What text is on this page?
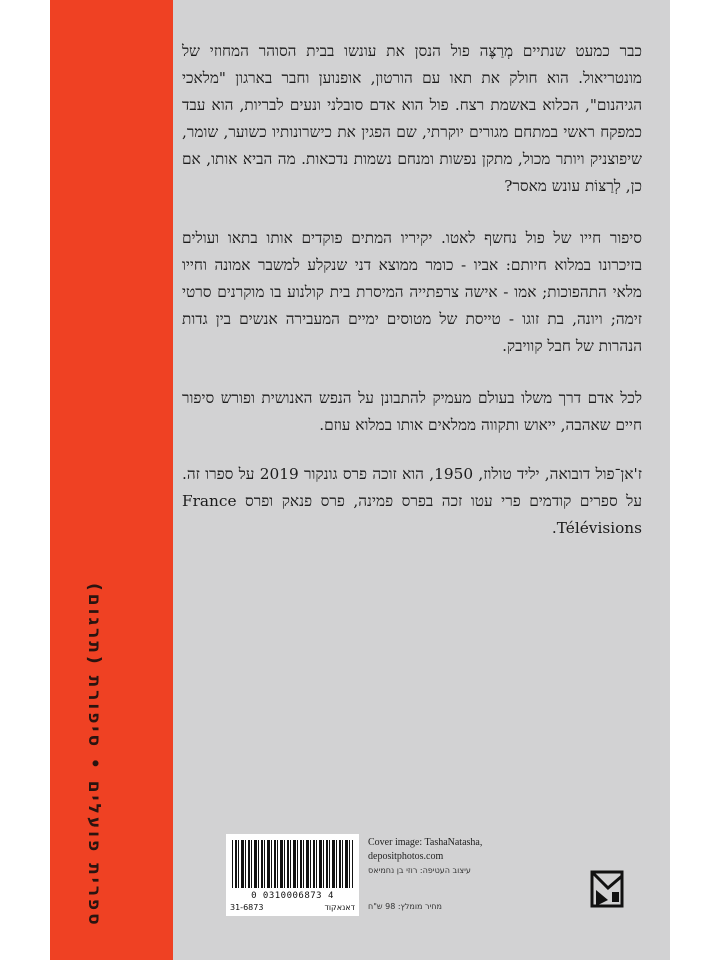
ספרית פועלים • סיפורת (תרגום)

כבר כמעט שנתיים מְרַצֶּה פול הנסן את עונשו בבית הסוהר המחוזי של מונטריאול. הוא חולק את תאו עם הורטון, אופנוען וחבר בארגון "מלאכי הגיהנום", הכלוא באשמת רצח. פול הוא אדם סובלני ונעים לבריות, הוא עבד כמפקח ראשי במתחם מגורים יוקרתי, שם הפגין את כישרונותיו כשוער, שומר, שיפוצניק ויותר מכול, מתקן נפשות ומנחם נשמות נדכאות. מה הביא אותו, אם כן, לְרַצּוֹת עונש מאסר?

סיפור חייו של פול נחשף לאטו. יקיריו המתים פוקדים אותו בתאו ועולים בזיכרונו במלוא חיותם: אביו - כומר ממוצא דני שנקלע למשבר אמונה וחייו מלאי התהפוכות; אמו - אישה צרפתייה המיסרת בית קולנוע בו מוקרנים סרטי זימה; ויונה, בת זוגו - טייסת של מטוסים ימיים המעבירה אנשים בין גדות הנהרות של חבל קוויבק.

לכל אדם דרך משלו בעולם מעמיק להתבונן על הנפש האנושית ופורש סיפור חיים שאהבה, ייאוש ותקווה ממלאים אותו במלוא עוזם.

ז'אן־פול דובואה, יליד טולוז, 1950, הוא זוכה פרס גונקור 2019 על ספרו זה. על ספרים קודמים פרי עטו זכה בפרס פמינה, פרס פנאק ופרס France Télévisions.

0 0310006873 4
31-6873	דאנאקוד
Cover image: TashaNatasha,
depositphotos.com
עיצוב העטיפה: רוזי בן נחמיאס
מחיר מומלץ: 98 ש"ח
